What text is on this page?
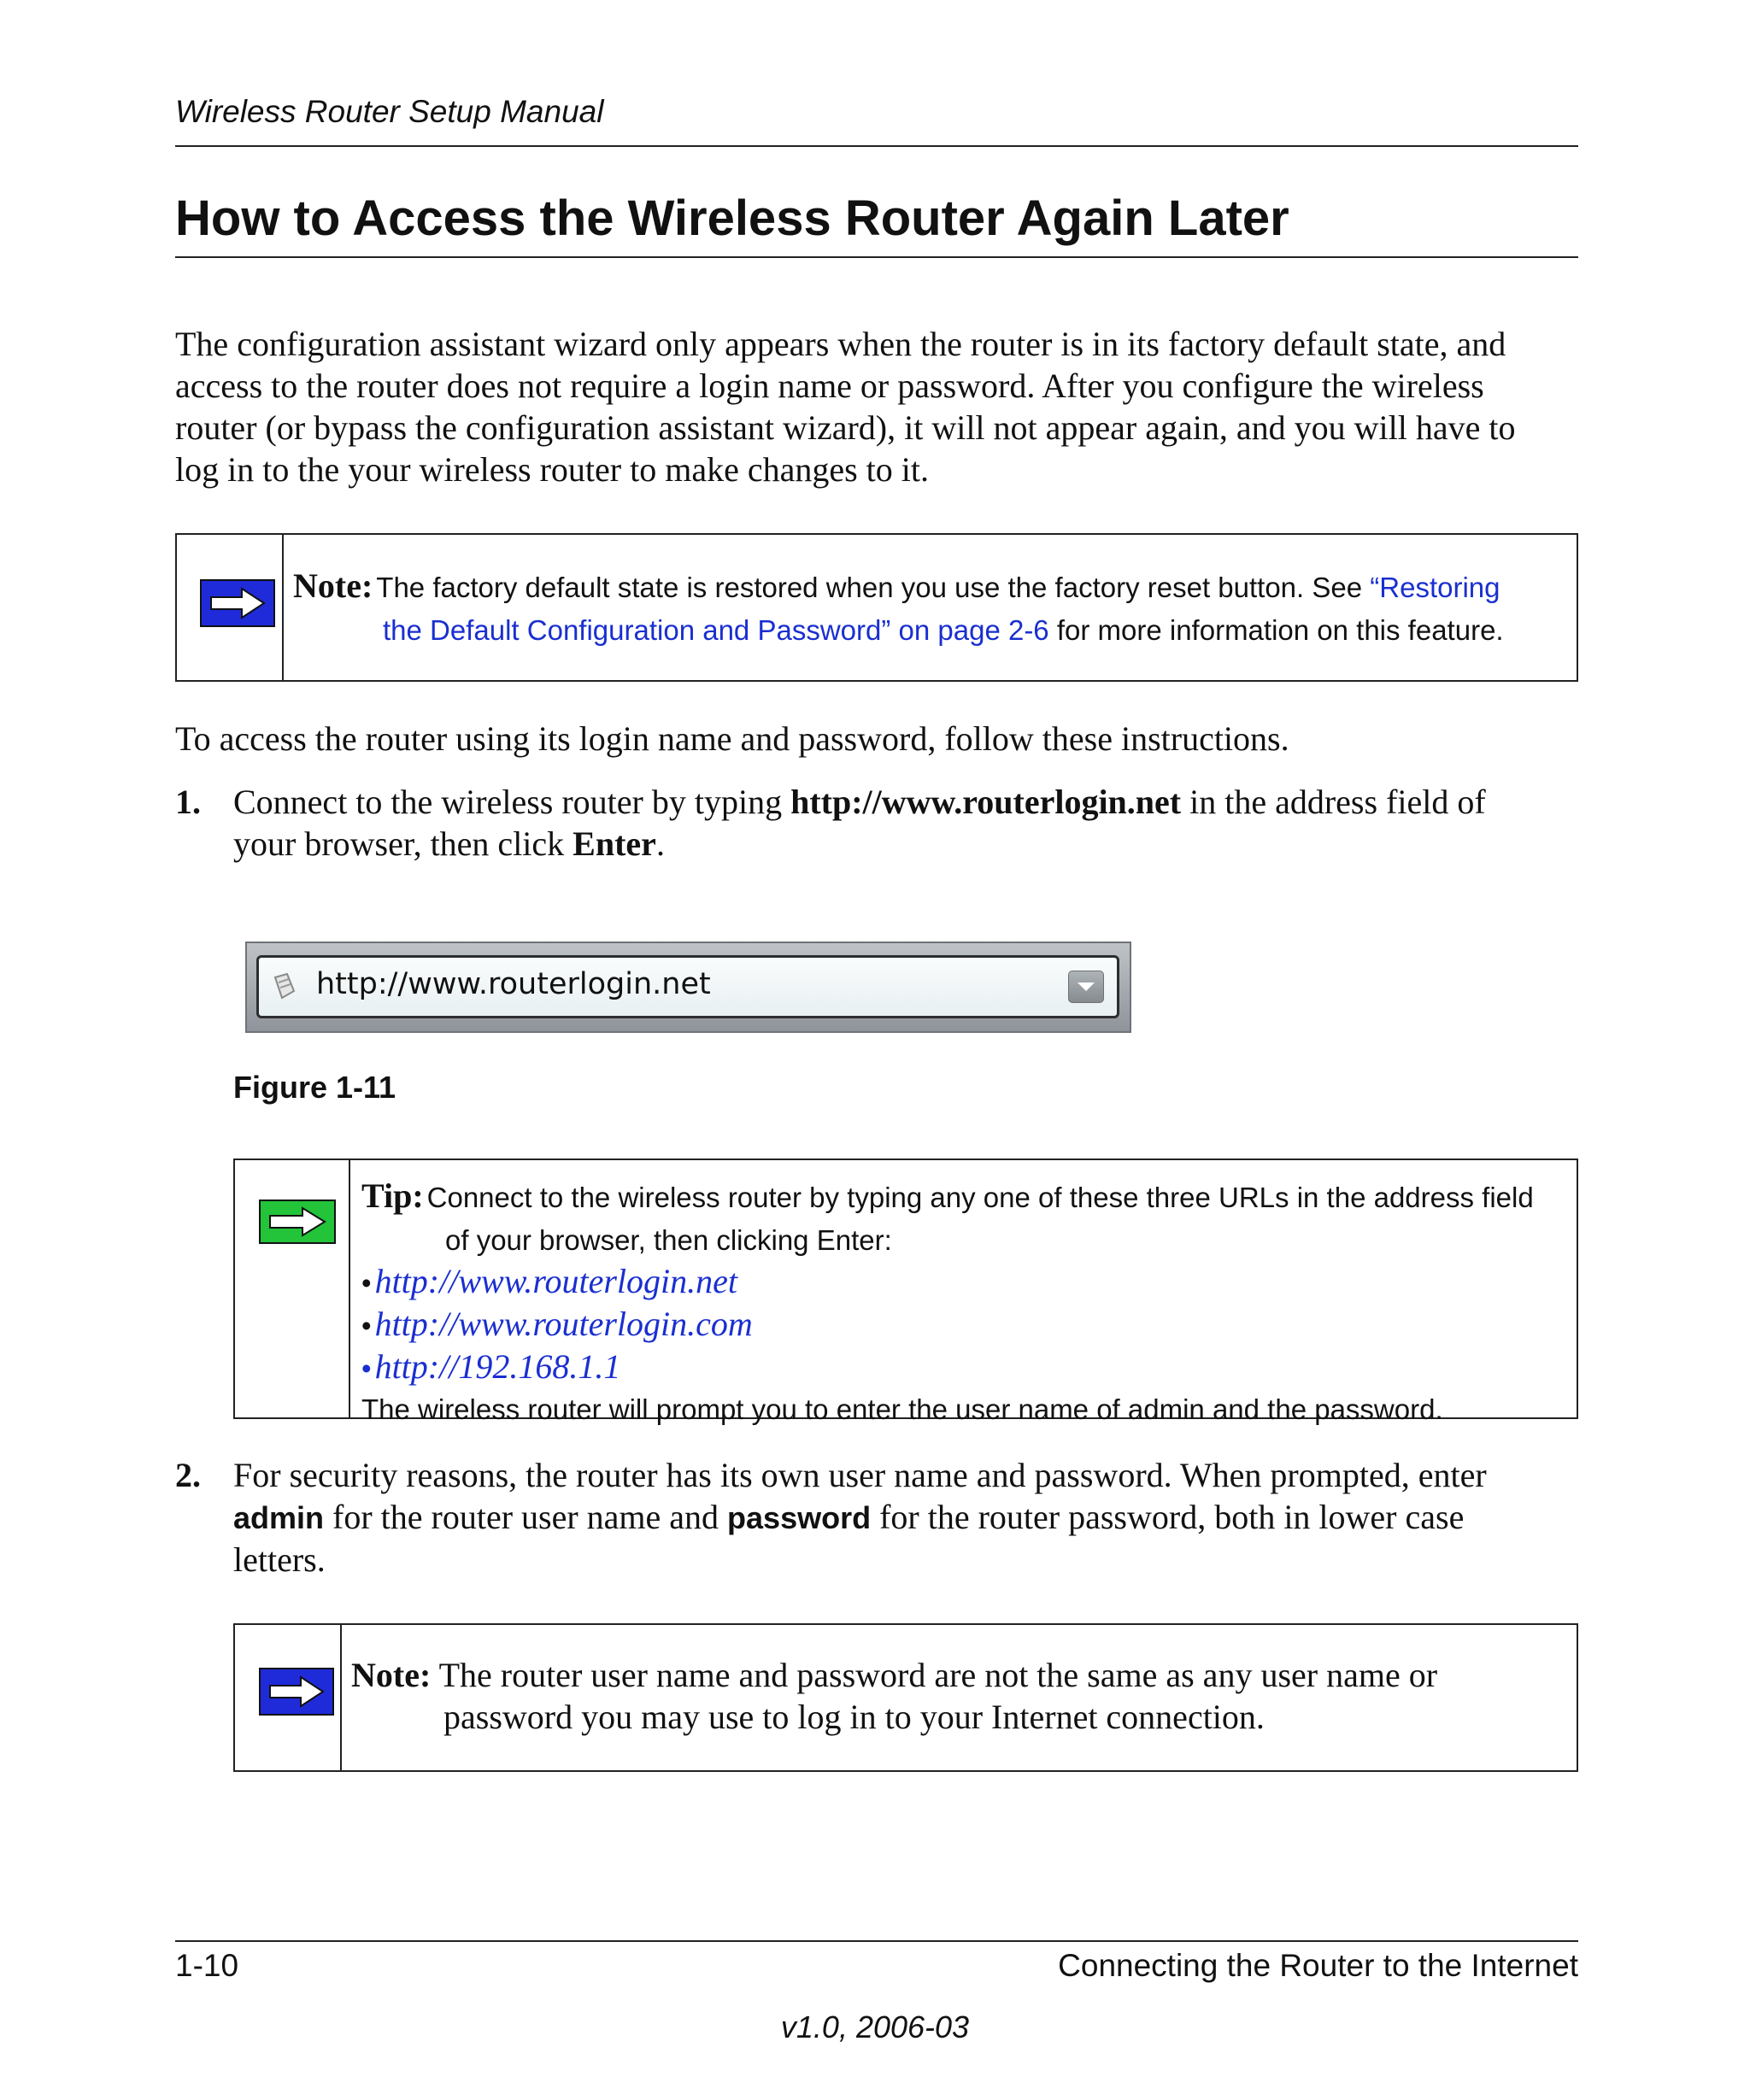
Wireless Router Setup Manual
How to Access the Wireless Router Again Later
The configuration assistant wizard only appears when the router is in its factory default state, and
access to the router does not require a login name or password. After you configure the wireless
router (or bypass the configuration assistant wizard), it will not appear again, and you will have to
log in to the your wireless router to make changes to it.
Note: The factory default state is restored when you use the factory reset button. See “Restoring
the Default Configuration and Password” on page 2-6 for more information on this feature.
To access the router using its login name and password, follow these instructions.
1. Connect to the wireless router by typing http://www.routerlogin.net in the address field of
your browser, then click Enter.
http://www.routerlogin.net
Figure 1-11
Tip: Connect to the wireless router by typing any one of these three URLs in the address field
of your browser, then clicking Enter:
• http://www.routerlogin.net
• http://www.routerlogin.com
• http://192.168.1.1
The wireless router will prompt you to enter the user name of admin and the password.
2. For security reasons, the router has its own user name and password. When prompted, enter
admin for the router user name and password for the router password, both in lower case
letters.
Note: The router user name and password are not the same as any user name or
password you may use to log in to your Internet connection.
1-10	Connecting the Router to the Internet
v1.0, 2006-03
